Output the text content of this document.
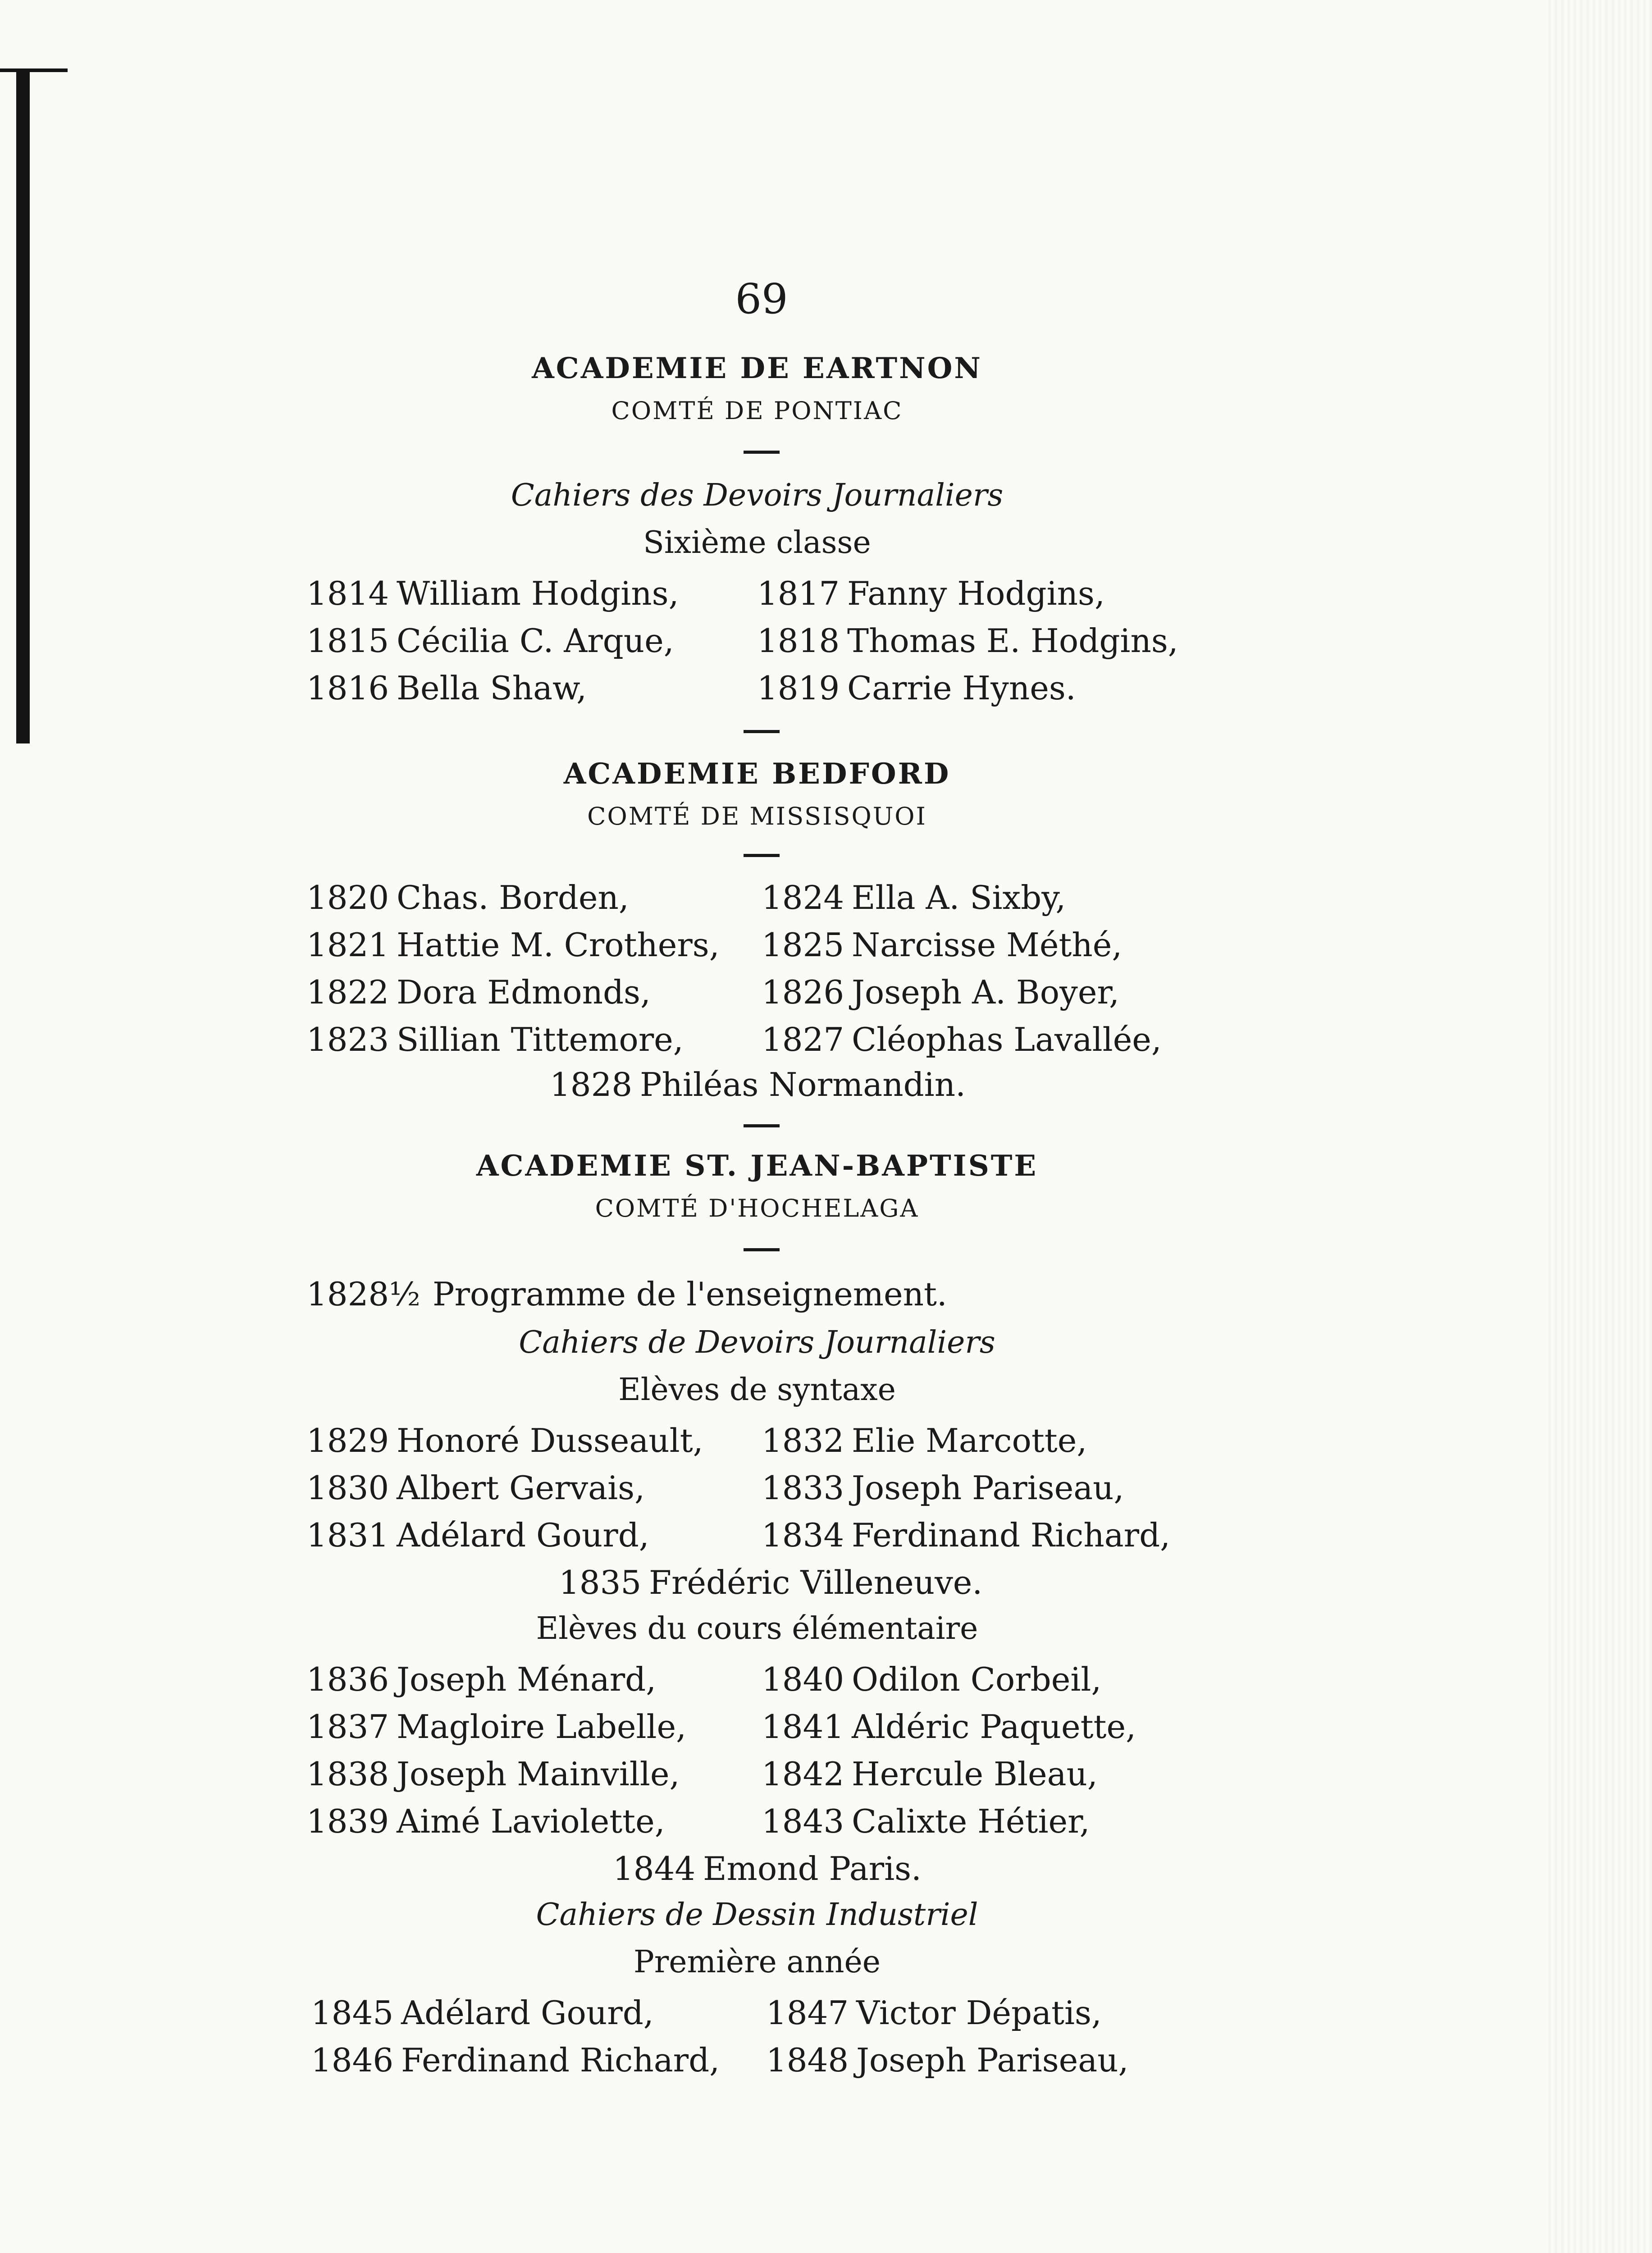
69
ACADEMIE DE EARTNON
COMTÉ DE PONTIAC
Cahiers des Devoirs Journaliers
Sixième classe
1814 William Hodgins,
1815 Cécilia C. Arque,
1816 Bella Shaw,
1817 Fanny Hodgins,
1818 Thomas E. Hodgins,
1819 Carrie Hynes.
ACADEMIE BEDFORD
COMTÉ DE MISSISQUOI
1820 Chas. Borden,
1821 Hattie M. Crothers,
1822 Dora Edmonds,
1823 Sillian Tittemore,
1824 Ella A. Sixby,
1825 Narcisse Méthé,
1826 Joseph A. Boyer,
1827 Cléophas Lavallée,
1828 Philéas Normandin.
ACADEMIE ST. JEAN-BAPTISTE
COMTÉ D'HOCHELAGA
1828½ Programme de l'enseignement.
Cahiers de Devoirs Journaliers
Elèves de syntaxe
1829 Honoré Dusseault,
1830 Albert Gervais,
1831 Adélard Gourd,
1832 Elie Marcotte,
1833 Joseph Pariseau,
1834 Ferdinand Richard,
1835 Frédéric Villeneuve.
Elèves du cours élémentaire
1836 Joseph Ménard,
1837 Magloire Labelle,
1838 Joseph Mainville,
1839 Aimé Laviolette,
1840 Odilon Corbeil,
1841 Aldéric Paquette,
1842 Hercule Bleau,
1843 Calixte Hétier,
1844 Emond Paris.
Cahiers de Dessin Industriel
Première année
1845 Adélard Gourd,
1846 Ferdinand Richard,
1847 Victor Dépatis,
1848 Joseph Pariseau,
